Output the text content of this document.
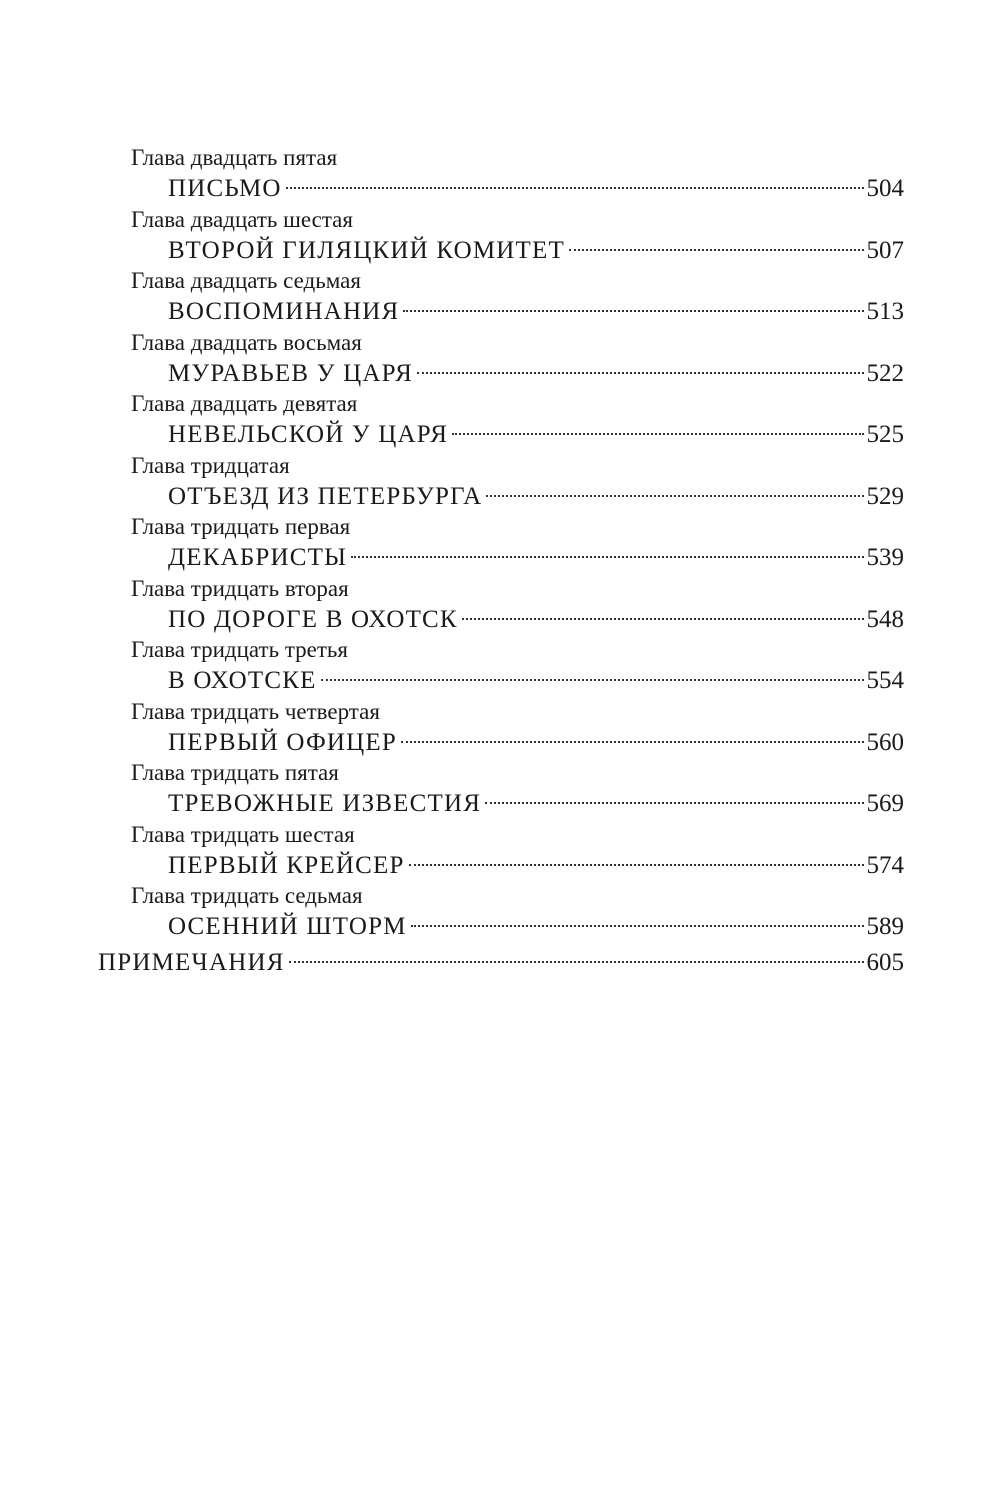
Глава двадцать пятая
ПИСЬМО	504
Глава двадцать шестая
ВТОРОЙ ГИЛЯЦКИЙ КОМИТЕТ	507
Глава двадцать седьмая
ВОСПОМИНАНИЯ	513
Глава двадцать восьмая
МУРАВЬЕВ У ЦАРЯ	522
Глава двадцать девятая
НЕВЕЛЬСКОЙ У ЦАРЯ	525
Глава тридцатая
ОТЪЕЗД ИЗ ПЕТЕРБУРГА	529
Глава тридцать первая
ДЕКАБРИСТЫ	539
Глава тридцать вторая
ПО ДОРОГЕ В ОХОТСК	548
Глава тридцать третья
В ОХОТСКЕ	554
Глава тридцать четвертая
ПЕРВЫЙ ОФИЦЕР	560
Глава тридцать пятая
ТРЕВОЖНЫЕ ИЗВЕСТИЯ	569
Глава тридцать шестая
ПЕРВЫЙ КРЕЙСЕР	574
Глава тридцать седьмая
ОСЕННИЙ ШТОРМ	589
ПРИМЕЧАНИЯ	605
